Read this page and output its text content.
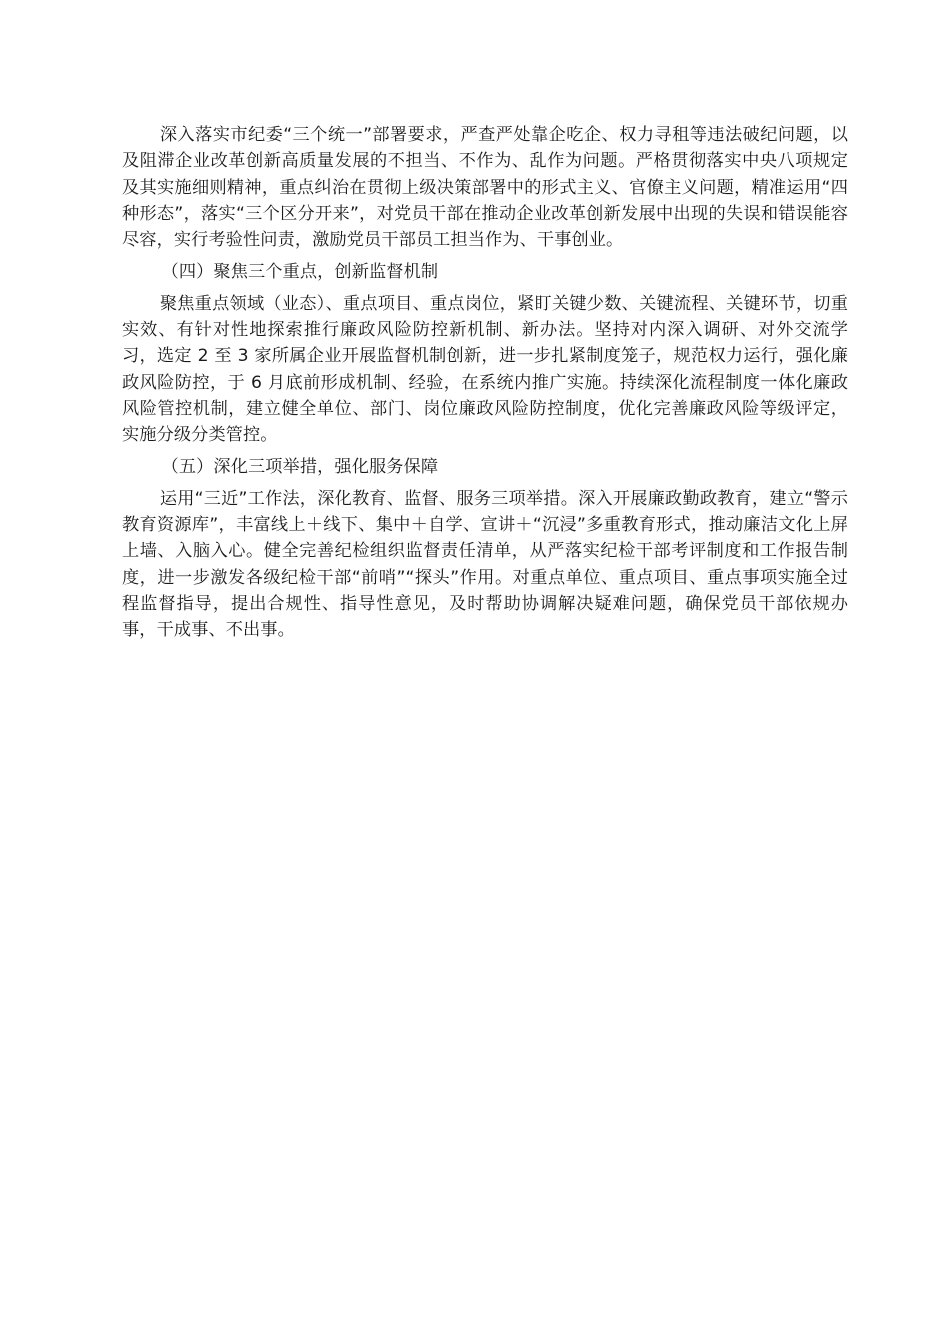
深入落实市纪委“三个统一”部署要求，严查严处靠企吃企、权力寻租等违法破纪问题，以及阻滞企业改革创新高质量发展的不担当、不作为、乱作为问题。严格贯彻落实中央八项规定及其实施细则精神，重点纠治在贯彻上级决策部署中的形式主义、官僚主义问题，精准运用“四种形态”，落实“三个区分开来”，对党员干部在推动企业改革创新发展中出现的失误和错误能容尽容，实行考验性问责，激励党员干部员工担当作为、干事创业。

（四）聚焦三个重点，创新监督机制

聚焦重点领域（业态）、重点项目、重点岗位，紧盯关键少数、关键流程、关键环节，切重实效、有针对性地探索推行廉政风险防控新机制、新办法。坚持对内深入调研、对外交流学习，选定 2 至 3 家所属企业开展监督机制创新，进一步扎紧制度笼子，规范权力运行，强化廉政风险防控，于 6 月底前形成机制、经验，在系统内推广实施。持续深化流程制度一体化廉政风险管控机制，建立健全单位、部门、岗位廉政风险防控制度，优化完善廉政风险等级评定，实施分级分类管控。

（五）深化三项举措，强化服务保障

运用“三近”工作法，深化教育、监督、服务三项举措。深入开展廉政勤政教育，建立“警示教育资源库”，丰富线上＋线下、集中＋自学、宣讲＋“沉浸”多重教育形式，推动廉洁文化上屏上墙、入脑入心。健全完善纪检组织监督责任清单，从严落实纪检干部考评制度和工作报告制度，进一步激发各级纪检干部“前哨”“探头”作用。对重点单位、重点项目、重点事项实施全过程监督指导，提出合规性、指导性意见，及时帮助协调解决疑难问题，确保党员干部依规办事，干成事、不出事。
